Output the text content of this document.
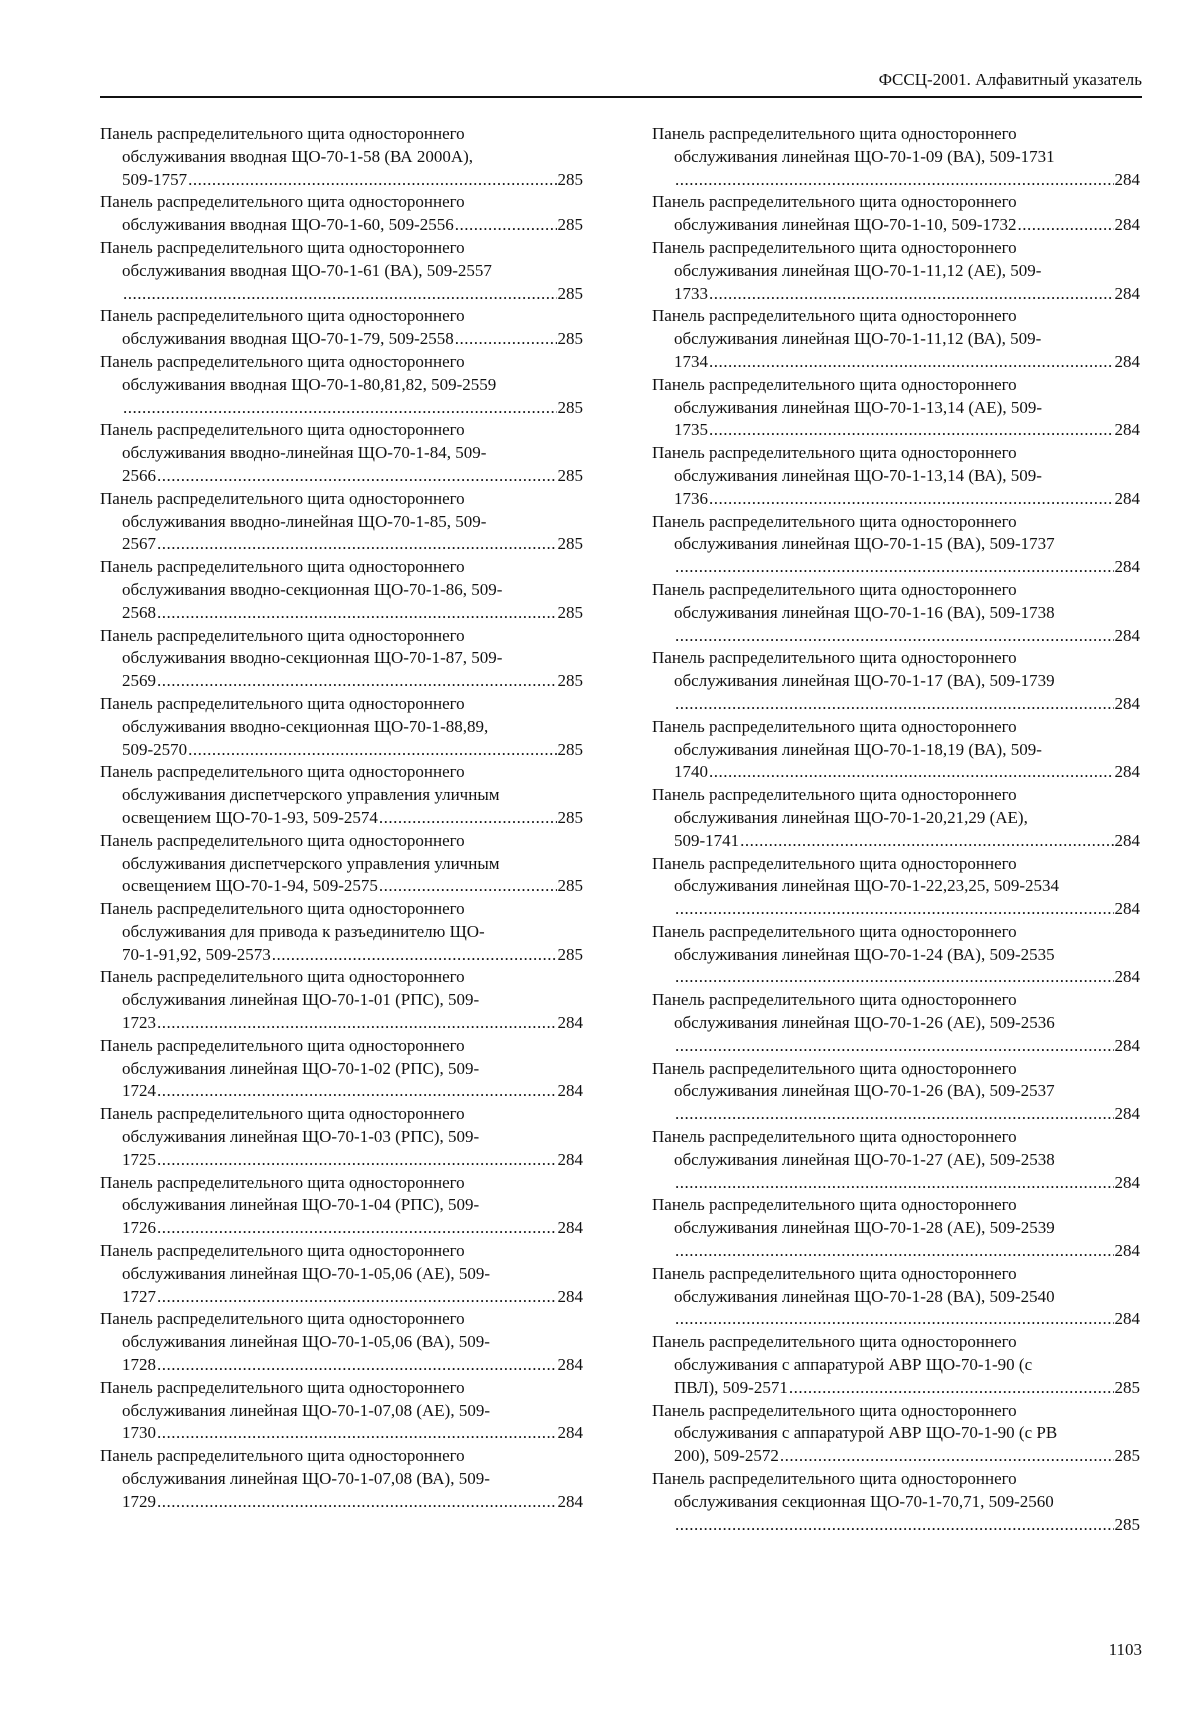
ФССЦ-2001. Алфавитный указатель
Панель распределительного щита одностороннего
обслуживания вводная ЩО-70-1-58 (ВА 2000А),
509-1757 .....	285
Панель распределительного щита одностороннего
обслуживания вводная ЩО-70-1-60, 509-2556 .....	285
Панель распределительного щита одностороннего
обслуживания вводная ЩО-70-1-61 (ВА), 509-2557
.....
285
Панель распределительного щита одностороннего
обслуживания вводная ЩО-70-1-79, 509-2558 .....	285
Панель распределительного щита одностороннего
обслуживания вводная ЩО-70-1-80,81,82, 509-2559
.....
285
Панель распределительного щита одностороннего
обслуживания вводно-линейная ЩО-70-1-84, 509-
2566 .....	285
Панель распределительного щита одностороннего
обслуживания вводно-линейная ЩО-70-1-85, 509-
2567 .....	285
Панель распределительного щита одностороннего
обслуживания вводно-секционная ЩО-70-1-86, 509-
2568 .....	285
Панель распределительного щита одностороннего
обслуживания вводно-секционная ЩО-70-1-87, 509-
2569 .....	285
Панель распределительного щита одностороннего
обслуживания вводно-секционная ЩО-70-1-88,89,
509-2570 .....	285
Панель распределительного щита одностороннего
обслуживания диспетчерского управления уличным
освещением ЩО-70-1-93, 509-2574 .....	285
Панель распределительного щита одностороннего
обслуживания диспетчерского управления уличным
освещением ЩО-70-1-94, 509-2575 .....	285
Панель распределительного щита одностороннего
обслуживания для привода к разъединителю ЩО-
70-1-91,92, 509-2573 .....	285
Панель распределительного щита одностороннего
обслуживания линейная ЩО-70-1-01 (РПС), 509-
1723 .....	284
Панель распределительного щита одностороннего
обслуживания линейная ЩО-70-1-02 (РПС), 509-
1724 .....	284
Панель распределительного щита одностороннего
обслуживания линейная ЩО-70-1-03 (РПС), 509-
1725 .....	284
Панель распределительного щита одностороннего
обслуживания линейная ЩО-70-1-04 (РПС), 509-
1726 .....	284
Панель распределительного щита одностороннего
обслуживания линейная ЩО-70-1-05,06 (АЕ), 509-
1727 .....	284
Панель распределительного щита одностороннего
обслуживания линейная ЩО-70-1-05,06 (ВА), 509-
1728 .....	284
Панель распределительного щита одностороннего
обслуживания линейная ЩО-70-1-07,08 (АЕ), 509-
1730 .....	284
Панель распределительного щита одностороннего
обслуживания линейная ЩО-70-1-07,08 (ВА), 509-
1729 .....	284
Панель распределительного щита одностороннего
обслуживания линейная ЩО-70-1-09 (ВА), 509-1731
.....
284
Панель распределительного щита одностороннего
обслуживания линейная ЩО-70-1-10, 509-1732 .....	284
Панель распределительного щита одностороннего
обслуживания линейная ЩО-70-1-11,12 (АЕ), 509-
1733 .....	284
Панель распределительного щита одностороннего
обслуживания линейная ЩО-70-1-11,12 (ВА), 509-
1734 .....	284
Панель распределительного щита одностороннего
обслуживания линейная ЩО-70-1-13,14 (АЕ), 509-
1735 .....	284
Панель распределительного щита одностороннего
обслуживания линейная ЩО-70-1-13,14 (ВА), 509-
1736 .....	284
Панель распределительного щита одностороннего
обслуживания линейная ЩО-70-1-15 (ВА), 509-1737
.....
284
Панель распределительного щита одностороннего
обслуживания линейная ЩО-70-1-16 (ВА), 509-1738
.....
284
Панель распределительного щита одностороннего
обслуживания линейная ЩО-70-1-17 (ВА), 509-1739
.....
284
Панель распределительного щита одностороннего
обслуживания линейная ЩО-70-1-18,19 (ВА), 509-
1740 .....	284
Панель распределительного щита одностороннего
обслуживания линейная ЩО-70-1-20,21,29 (АЕ),
509-1741 .....	284
Панель распределительного щита одностороннего
обслуживания линейная ЩО-70-1-22,23,25, 509-2534
.....
284
Панель распределительного щита одностороннего
обслуживания линейная ЩО-70-1-24 (ВА), 509-2535
.....
284
Панель распределительного щита одностороннего
обслуживания линейная ЩО-70-1-26 (АЕ), 509-2536
.....
284
Панель распределительного щита одностороннего
обслуживания линейная ЩО-70-1-26 (ВА), 509-2537
.....
284
Панель распределительного щита одностороннего
обслуживания линейная ЩО-70-1-27 (АЕ), 509-2538
.....
284
Панель распределительного щита одностороннего
обслуживания линейная ЩО-70-1-28 (АЕ), 509-2539
.....
284
Панель распределительного щита одностороннего
обслуживания линейная ЩО-70-1-28 (ВА), 509-2540
.....
284
Панель распределительного щита одностороннего
обслуживания с аппаратурой АВР ЩО-70-1-90 (с
ПВЛ), 509-2571 .....	285
Панель распределительного щита одностороннего
обслуживания с аппаратурой АВР ЩО-70-1-90 (с РВ
200), 509-2572 .....	285
Панель распределительного щита одностороннего
обслуживания секционная ЩО-70-1-70,71, 509-2560
.....
285
1103
